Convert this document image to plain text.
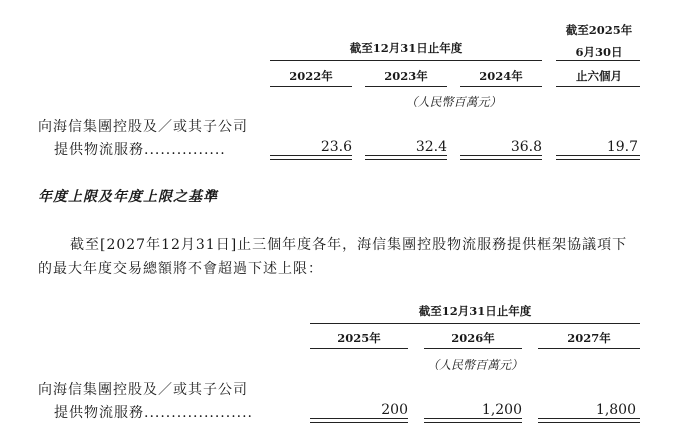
截至2025年
6月30日
截至12月31日止年度
2022年	2023年	2024年	止六個月
（人民幣百萬元）
向海信集團控股及／或其子公司
提供物流服務...............	23.6	32.4	36.8	19.7
年度上限及年度上限之基準
截至[2027年12月31日]止三個年度各年，海信集團控股物流服務提供框架協議項下
的最大年度交易總額將不會超過下述上限：
截至12月31日止年度
2025年	2026年	2027年
（人民幣百萬元）
向海信集團控股及／或其子公司
提供物流服務....................	200	1,200	1,800
